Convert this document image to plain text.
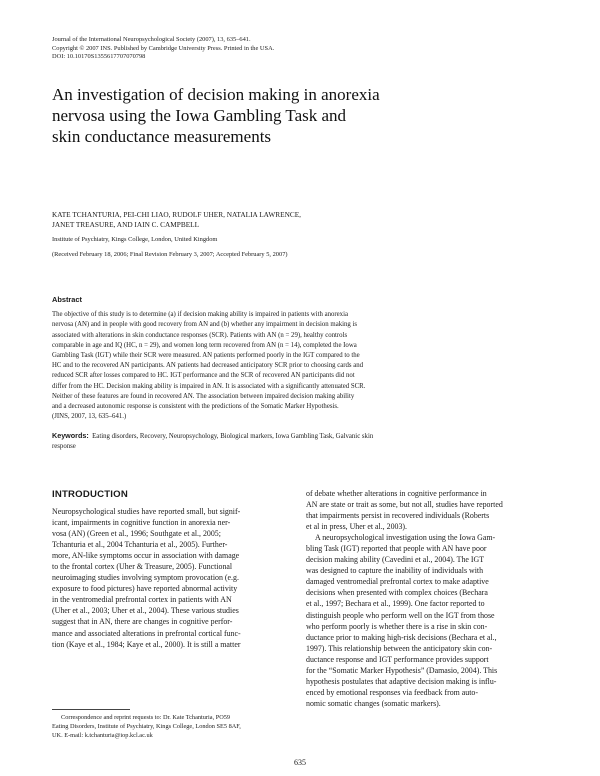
Journal of the International Neuropsychological Society (2007), 13, 635–641.
Copyright © 2007 INS. Published by Cambridge University Press. Printed in the USA.
DOI: 10.10170S1355617707070798
An investigation of decision making in anorexia
nervosa using the Iowa Gambling Task and
skin conductance measurements
KATE TCHANTURIA, PEI-CHI LIAO, RUDOLF UHER, NATALIA LAWRENCE,
JANET TREASURE, AND IAIN C. CAMPBELL
Institute of Psychiatry, Kings College, London, United Kingdom
(Received February 18, 2006; Final Revision February 3, 2007; Accepted February 5, 2007)
Abstract
The objective of this study is to determine (a) if decision making ability is impaired in patients with anorexia
nervosa (AN) and in people with good recovery from AN and (b) whether any impairment in decision making is
associated with alterations in skin conductance responses (SCR). Patients with AN (n = 29), healthy controls
comparable in age and IQ (HC, n = 29), and women long term recovered from AN (n = 14), completed the Iowa
Gambling Task (IGT) while their SCR were measured. AN patients performed poorly in the IGT compared to the
HC and to the recovered AN participants. AN patients had decreased anticipatory SCR prior to choosing cards and
reduced SCR after losses compared to HC. IGT performance and the SCR of recovered AN participants did not
differ from the HC. Decision making ability is impaired in AN. It is associated with a significantly attenuated SCR.
Neither of these features are found in recovered AN. The association between impaired decision making ability
and a decreased autonomic response is consistent with the predictions of the Somatic Marker Hypothesis.
(JINS, 2007, 13, 635–641.)
Keywords: Eating disorders, Recovery, Neuropsychology, Biological markers, Iowa Gambling Task, Galvanic skin
response
INTRODUCTION
Neuropsychological studies have reported small, but signif-
icant, impairments in cognitive function in anorexia ner-
vosa (AN) (Green et al., 1996; Southgate et al., 2005;
Tchanturia et al., 2004 Tchanturia et al., 2005). Further-
more, AN-like symptoms occur in association with damage
to the frontal cortex (Uher & Treasure, 2005). Functional
neuroimaging studies involving symptom provocation (e.g.
exposure to food pictures) have reported abnormal activity
in the ventromedial prefrontal cortex in patients with AN
(Uher et al., 2003; Uher et al., 2004). These various studies
suggest that in AN, there are changes in cognitive perfor-
mance and associated alterations in prefrontal cortical func-
tion (Kaye et al., 1984; Kaye et al., 2000). It is still a matter
of debate whether alterations in cognitive performance in
AN are state or trait as some, but not all, studies have reported
that impairments persist in recovered individuals (Roberts
et al in press, Uher et al., 2003).
A neuropsychological investigation using the Iowa Gam-
bling Task (IGT) reported that people with AN have poor
decision making ability (Cavedini et al., 2004). The IGT
was designed to capture the inability of individuals with
damaged ventromedial prefrontal cortex to make adaptive
decisions when presented with complex choices (Bechara
et al., 1997; Bechara et al., 1999). One factor reported to
distinguish people who perform well on the IGT from those
who perform poorly is whether there is a rise in skin con-
ductance prior to making high-risk decisions (Bechara et al.,
1997). This relationship between the anticipatory skin con-
ductance response and IGT performance provides support
for the “Somatic Marker Hypothesis” (Damasio, 2004). This
hypothesis postulates that adaptive decision making is influ-
enced by emotional responses via feedback from auto-
nomic somatic changes (somatic markers).
Correspondence and reprint requests to: Dr. Kate Tchanturia, PO59
Eating Disorders, Institute of Psychiatry, Kings College, London SE5 8AF,
UK. E-mail: k.tchanturia@iop.kcl.ac.uk
635
